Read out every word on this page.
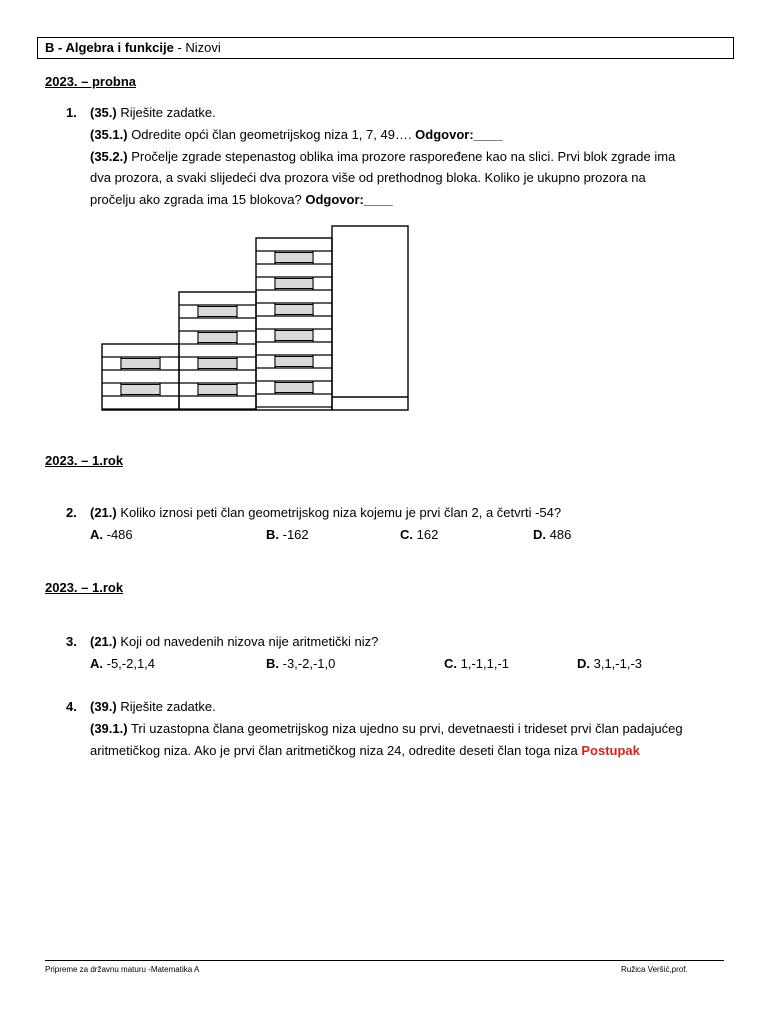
B - Algebra i funkcije - Nizovi
2023. – probna
1. (35.) Riješite zadatke.
(35.1.) Odredite opći član geometrijskog niza 1, 7, 49…. Odgovor:____
(35.2.) Pročelje zgrade stepenastog oblika ima prozore raspoređene kao na slici. Prvi blok zgrade ima
dva prozora, a svaki slijedeći dva prozora više od prethodnog bloka. Koliko je ukupno prozora na
pročelju ako zgrada ima 15 blokova? Odgovor:____
2023. – 1.rok
2. (21.) Koliko iznosi peti član geometrijskog niza kojemu je prvi član 2, a četvrti -54?
A. -486	B. -162	C. 162	D. 486
2023. – 1.rok
3. (21.) Koji od navedenih nizova nije aritmetički niz?
A. -5,-2,1,4	B. -3,-2,-1,0	C. 1,-1,1,-1	D. 3,1,-1,-3
4. (39.) Riješite zadatke.
(39.1.) Tri uzastopna člana geometrijskog niza ujedno su prvi, devetnaesti i trideset prvi član padajućeg
aritmetičkog niza. Ako je prvi član aritmetičkog niza 24, odredite deseti član toga niza Postupak
Pripreme za državnu maturu -Matematika A	Ružica Veršić,prof.
